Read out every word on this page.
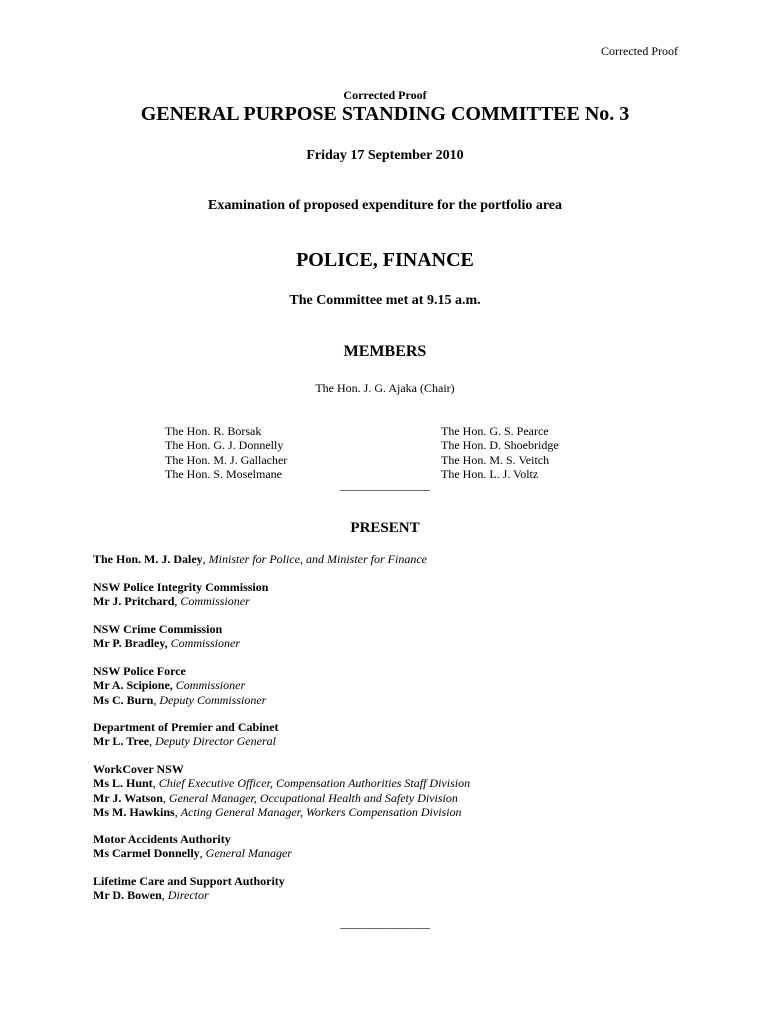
Corrected Proof
Corrected Proof
GENERAL PURPOSE STANDING COMMITTEE No. 3
Friday 17 September 2010
Examination of proposed expenditure for the portfolio area
POLICE, FINANCE
The Committee met at 9.15 a.m.
MEMBERS
The Hon. J. G. Ajaka (Chair)
The Hon. R. Borsak
The Hon. G. J. Donnelly
The Hon. M. J. Gallacher
The Hon. S. Moselmane
The Hon. G. S. Pearce
The Hon. D. Shoebridge
The Hon. M. S. Veitch
The Hon. L. J. Voltz
_______________
PRESENT
The Hon. M. J. Daley, Minister for Police, and Minister for Finance
NSW Police Integrity Commission
Mr J. Pritchard, Commissioner
NSW Crime Commission
Mr P. Bradley, Commissioner
NSW Police Force
Mr A. Scipione, Commissioner
Ms C. Burn, Deputy Commissioner
Department of Premier and Cabinet
Mr L. Tree, Deputy Director General
WorkCover NSW
Ms L. Hunt, Chief Executive Officer, Compensation Authorities Staff Division
Mr J. Watson, General Manager, Occupational Health and Safety Division
Ms M. Hawkins, Acting General Manager, Workers Compensation Division
Motor Accidents Authority
Ms Carmel Donnelly, General Manager
Lifetime Care and Support Authority
Mr D. Bowen, Director
_______________
